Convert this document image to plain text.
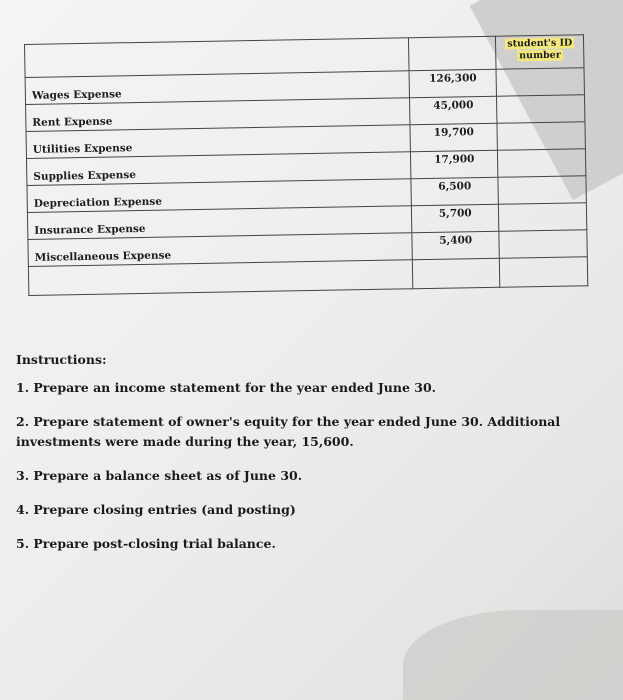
		student's ID
number
Wages Expense	126,300	
Rent Expense	45,000	
Utilities Expense	19,700	
Supplies Expense	17,900	
Depreciation Expense	6,500	
Insurance Expense	5,700	
Miscellaneous Expense	5,400	

Instructions:
1. Prepare an income statement for the year ended June 30.
2. Prepare statement of owner's equity for the year ended June 30. Additional investments were made during the year, 15,600.
3. Prepare a balance sheet as of June 30.
4. Prepare closing entries (and posting)
5. Prepare post-closing trial balance.
